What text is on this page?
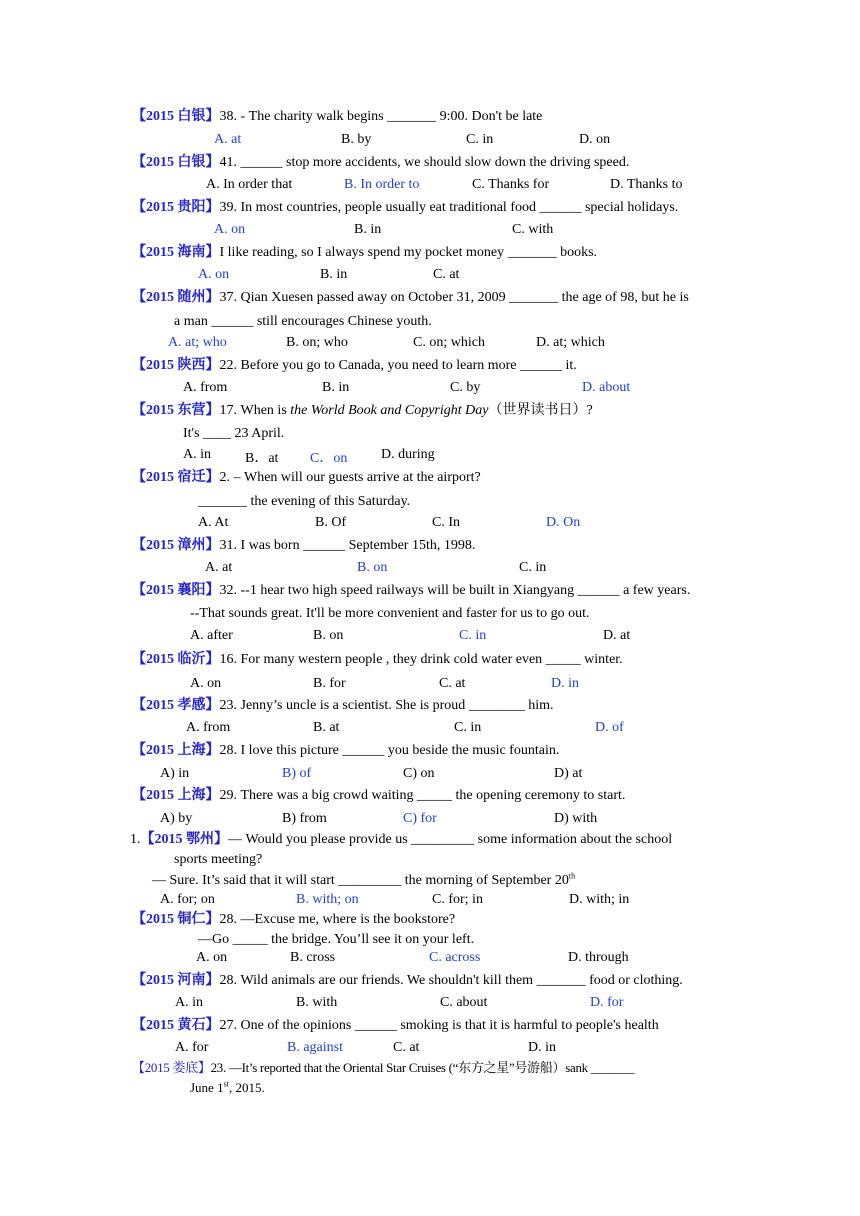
【2015 白银】38. - The charity walk begins _______ 9:00. Don't be late
A. at	B. by	C. in	D. on
【2015 白银】41. ______ stop more accidents, we should slow down the driving speed.
A. In order that	B. In order to	C. Thanks for	D. Thanks to
【2015 贵阳】39. In most countries, people usually eat traditional food ______ special holidays.
A. on	B. in	C. with
【2015 海南】I like reading, so I always spend my pocket money _______ books.
A. on	B. in	C. at
【2015 随州】37. Qian Xuesen passed away on October 31, 2009 _______ the age of 98, but he is
a man ______ still encourages Chinese youth.
A. at; who	B. on; who	C. on; which	D. at; which
【2015 陕西】22. Before you go to Canada, you need to learn more ______ it.
A. from	B. in	C. by	D. about
【2015 东营】17. When is the World Book and Copyright Day（世界读书日）?
It's ____ 23 April.
A. in B．at C．on D. during
【2015 宿迁】2. – When will our guests arrive at the airport?
_______ the evening of this Saturday.
A. At	B. Of	C. In	D. On
【2015 漳州】31. I was born ______ September 15th, 1998.
A. at	B. on	C. in
【2015 襄阳】32. --1 hear two high speed railways will be built in Xiangyang ______ a few years.
--That sounds great. It'll be more convenient and faster for us to go out.
A. after	B. on	C. in	D. at
【2015 临沂】16. For many western people , they drink cold water even _____ winter.
A. on	B. for	C. at	D. in
【2015 孝感】23. Jenny’s uncle is a scientist. She is proud ________ him.
A. from	B. at	C. in	D. of
【2015 上海】28. I love this picture ______ you beside the music fountain.
A) in	B) of	C) on	D) at
【2015 上海】29. There was a big crowd waiting _____ the opening ceremony to start.
A) by	B) from	C) for	D) with
1.【2015 鄂州】— Would you please provide us _________ some information about the school
sports meeting?
— Sure. It’s said that it will start _________ the morning of September 20th
A. for; on	B. with; on	C. for; in	D. with; in
【2015 铜仁】28. —Excuse me, where is the bookstore?
—Go _____ the bridge. You’ll see it on your left.
A. on	B. cross	C. across	D. through
【2015 河南】28. Wild animals are our friends. We shouldn't kill them _______ food or clothing.
A. in	B. with	C. about	D. for
【2015 黄石】27. One of the opinions ______ smoking is that it is harmful to people's health
A. for	B. against	C. at	D. in
【2015 娄底】23. —It’s reported that the Oriental Star Cruises (“东方之星”号游船）sank _______
June 1st, 2015.
